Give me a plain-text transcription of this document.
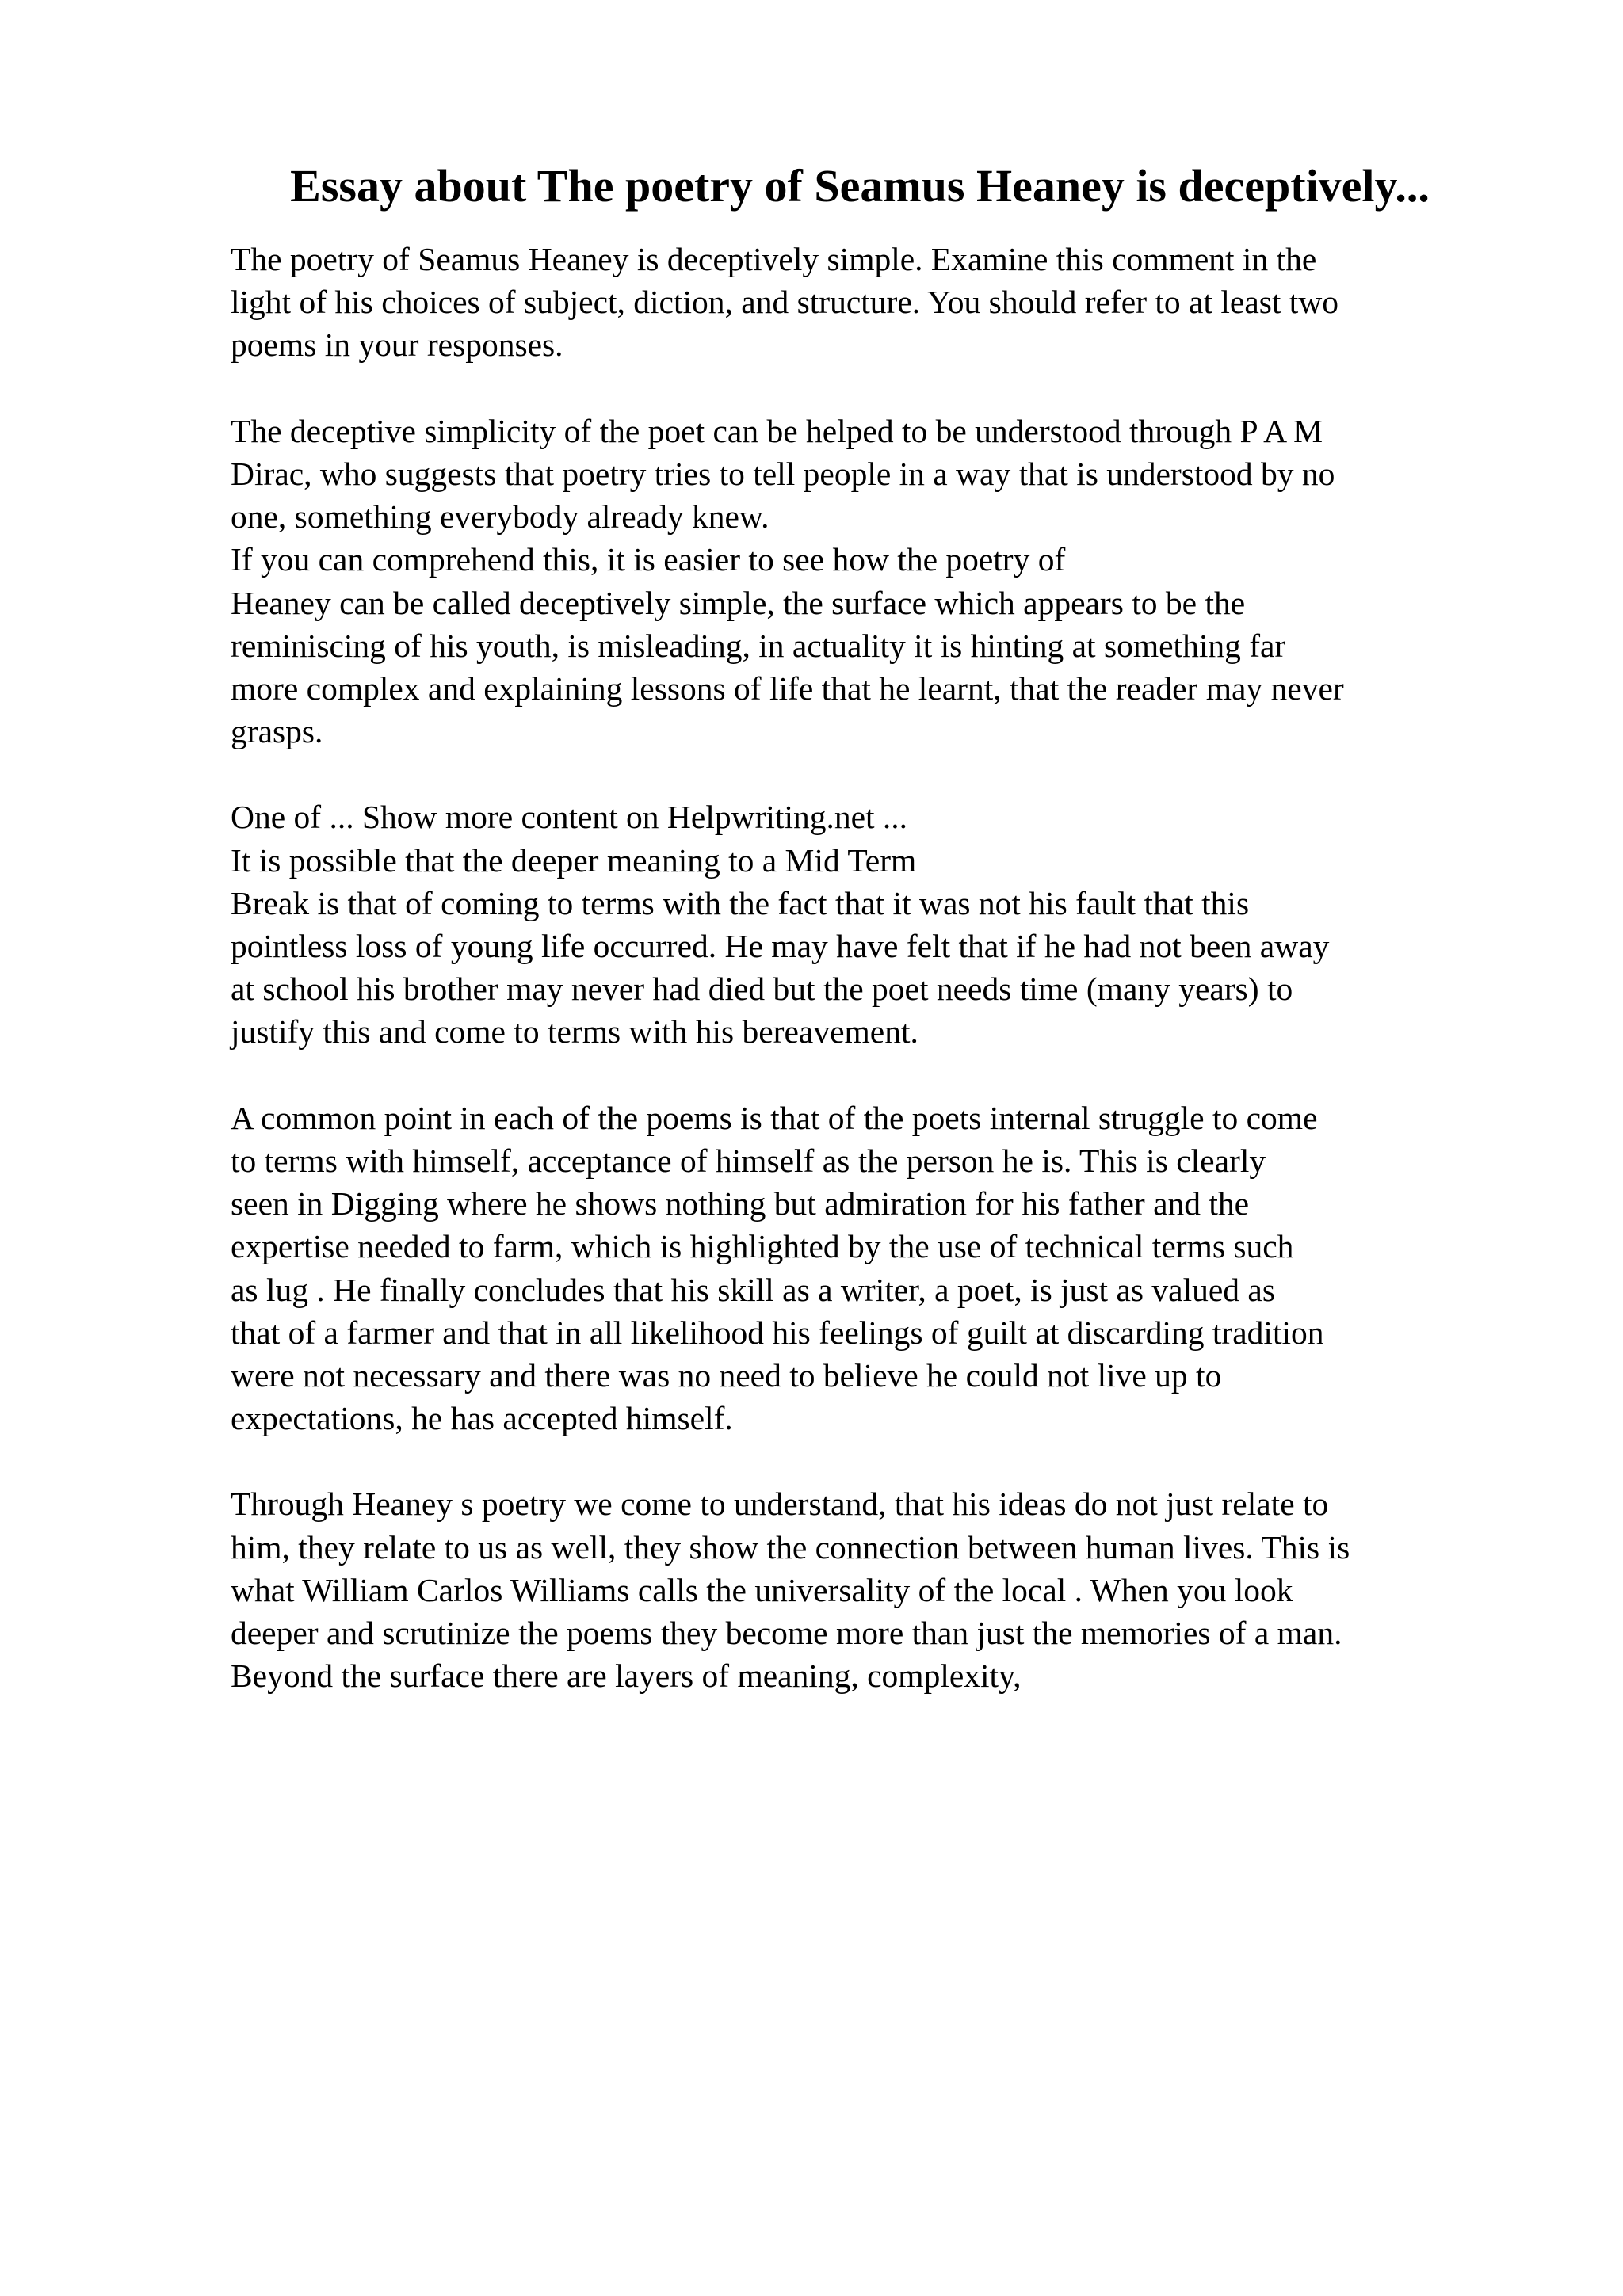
Essay about The poetry of Seamus Heaney is deceptively...
The poetry of Seamus Heaney is deceptively simple. Examine this comment in the
light of his choices of subject, diction, and structure. You should refer to at least two
poems in your responses.
The deceptive simplicity of the poet can be helped to be understood through P A M
Dirac, who suggests that poetry tries to tell people in a way that is understood by no
one, something everybody already knew.
If you can comprehend this, it is easier to see how the poetry of
Heaney can be called deceptively simple, the surface which appears to be the
reminiscing of his youth, is misleading, in actuality it is hinting at something far
more complex and explaining lessons of life that he learnt, that the reader may never
grasps.
One of ... Show more content on Helpwriting.net ...
It is possible that the deeper meaning to a Mid Term
Break is that of coming to terms with the fact that it was not his fault that this
pointless loss of young life occurred. He may have felt that if he had not been away
at school his brother may never had died but the poet needs time (many years) to
justify this and come to terms with his bereavement.
A common point in each of the poems is that of the poets internal struggle to come
to terms with himself, acceptance of himself as the person he is. This is clearly
seen in Digging where he shows nothing but admiration for his father and the
expertise needed to farm, which is highlighted by the use of technical terms such
as lug . He finally concludes that his skill as a writer, a poet, is just as valued as
that of a farmer and that in all likelihood his feelings of guilt at discarding tradition
were not necessary and there was no need to believe he could not live up to
expectations, he has accepted himself.
Through Heaney s poetry we come to understand, that his ideas do not just relate to
him, they relate to us as well, they show the connection between human lives. This is
what William Carlos Williams calls the universality of the local . When you look
deeper and scrutinize the poems they become more than just the memories of a man.
Beyond the surface there are layers of meaning, complexity,
